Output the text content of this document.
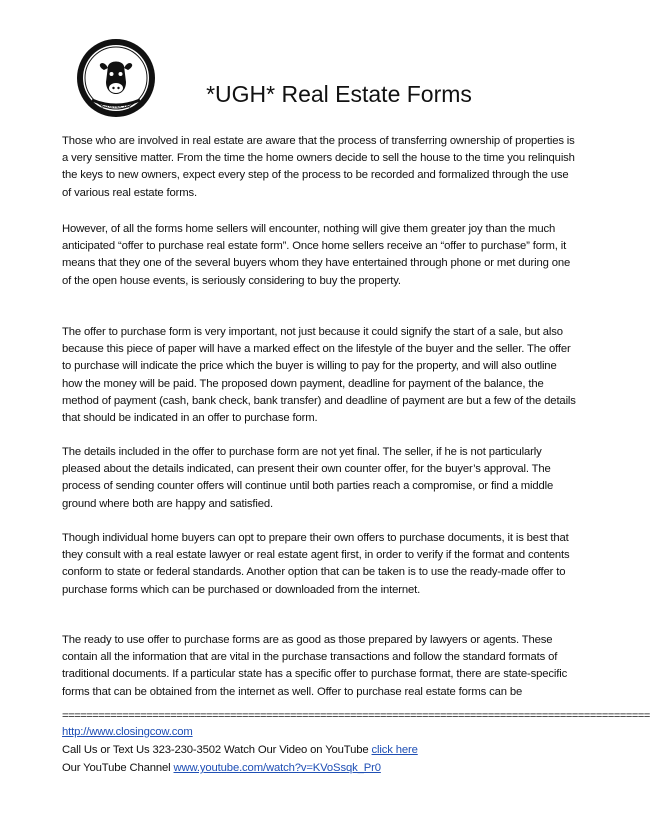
ClosingCow	*UGH* Real Estate Forms

Those who are involved in real estate are aware that the process of transferring ownership of properties is a very sensitive matter. From the time the home owners decide to sell the house to the time you relinquish the keys to new owners, expect every step of the process to be recorded and formalized through the use of various real estate forms.

However, of all the forms home sellers will encounter, nothing will give them greater joy than the much anticipated “offer to purchase real estate form”. Once home sellers receive an “offer to purchase” form, it means that they one of the several buyers whom they have entertained through phone or met during one of the open house events, is seriously considering to buy the property.

The offer to purchase form is very important, not just because it could signify the start of a sale, but also because this piece of paper will have a marked effect on the lifestyle of the buyer and the seller. The offer to purchase will indicate the price which the buyer is willing to pay for the property, and will also outline how the money will be paid. The proposed down payment, deadline for payment of the balance, the method of payment (cash, bank check, bank transfer) and deadline of payment are but a few of the details that should be indicated in an offer to purchase form.

The details included in the offer to purchase form are not yet final. The seller, if he is not particularly pleased about the details indicated, can present their own counter offer, for the buyer’s approval. The process of sending counter offers will continue until both parties reach a compromise, or find a middle ground where both are happy and satisfied.

Though individual home buyers can opt to prepare their own offers to purchase documents, it is best that they consult with a real estate lawyer or real estate agent first, in order to verify if the format and contents conform to state or federal standards. Another option that can be taken is to use the ready-made offer to purchase forms which can be purchased or downloaded from the internet.

The ready to use offer to purchase forms are as good as those prepared by lawyers or agents. These contain all the information that are vital in the purchase transactions and follow the standard formats of traditional documents. If a particular state has a specific offer to purchase format, there are state-specific forms that can be obtained from the internet as well. Offer to purchase real estate forms can be

==================================================================================================
http://www.closingcow.com
Call Us or Text Us 323-230-3502 Watch Our Video on YouTube click here
Our YouTube Channel www.youtube.com/watch?v=KVoSsqk_Pr0
